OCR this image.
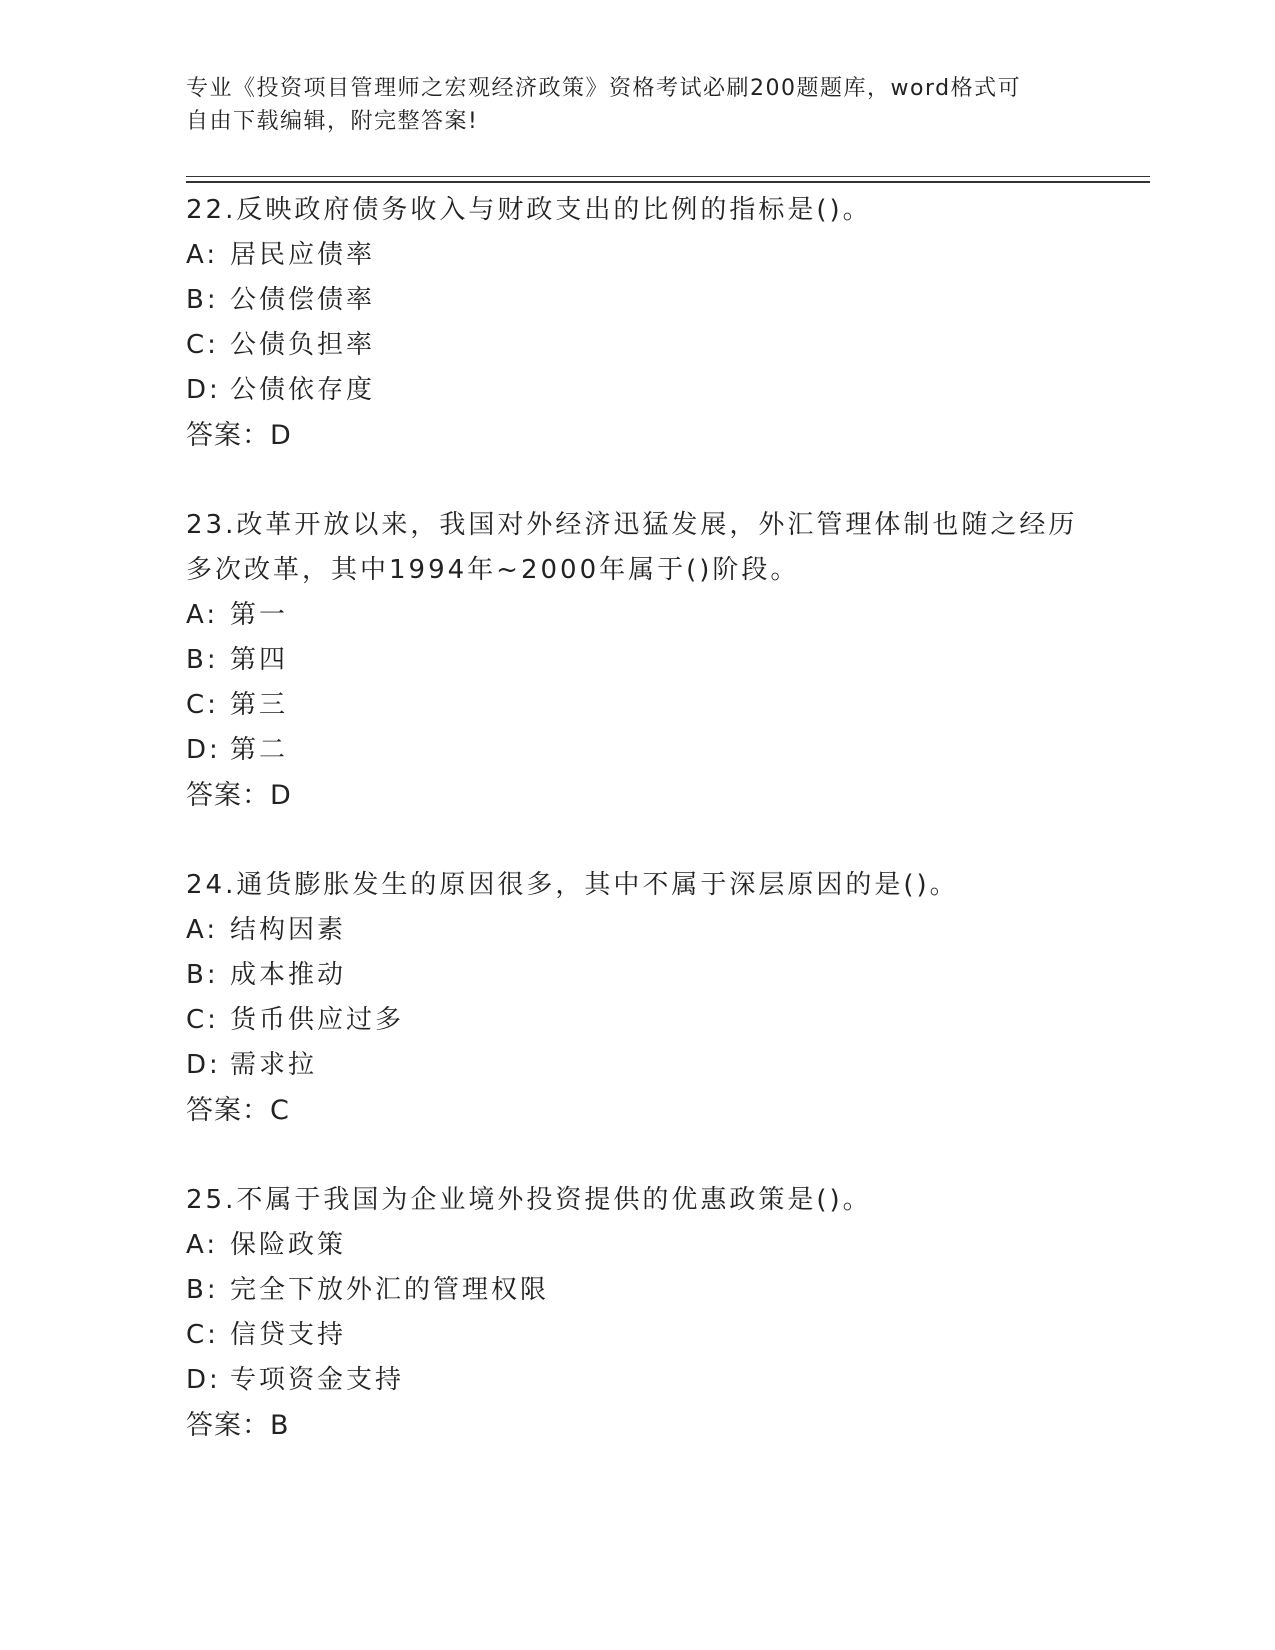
专业《投资项目管理师之宏观经济政策》资格考试必刷200题题库，word格式可
自由下载编辑，附完整答案!
22.反映政府债务收入与财政支出的比例的指标是()。
A: 居民应债率
B: 公债偿债率
C: 公债负担率
D: 公债依存度
答案：D
23.改革开放以来，我国对外经济迅猛发展，外汇管理体制也随之经历多次改革，其中1994年~2000年属于()阶段。
A: 第一
B: 第四
C: 第三
D: 第二
答案：D
24.通货膨胀发生的原因很多，其中不属于深层原因的是()。
A: 结构因素
B: 成本推动
C: 货币供应过多
D: 需求拉
答案：C
25.不属于我国为企业境外投资提供的优惠政策是()。
A: 保险政策
B: 完全下放外汇的管理权限
C: 信贷支持
D: 专项资金支持
答案：B
